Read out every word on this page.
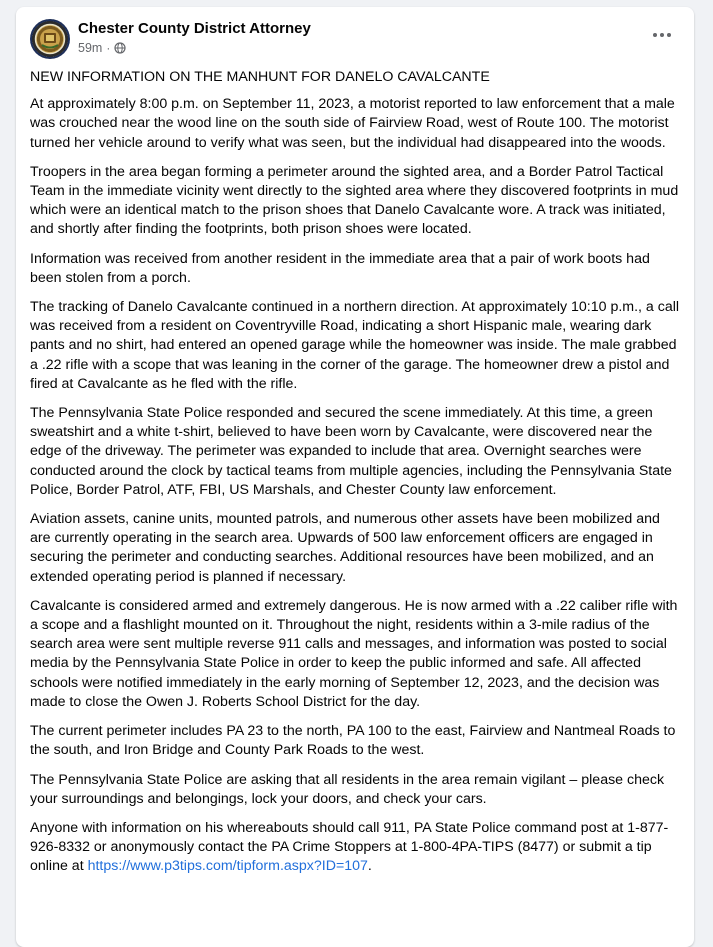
Chester County District Attorney
59m ·

NEW INFORMATION ON THE MANHUNT FOR DANELO CAVALCANTE

At approximately 8:00 p.m. on September 11, 2023, a motorist reported to law enforcement that a male was crouched near the wood line on the south side of Fairview Road, west of Route 100. The motorist turned her vehicle around to verify what was seen, but the individual had disappeared into the woods.

Troopers in the area began forming a perimeter around the sighted area, and a Border Patrol Tactical Team in the immediate vicinity went directly to the sighted area where they discovered footprints in mud which were an identical match to the prison shoes that Danelo Cavalcante wore. A track was initiated, and shortly after finding the footprints, both prison shoes were located.

Information was received from another resident in the immediate area that a pair of work boots had been stolen from a porch.

The tracking of Danelo Cavalcante continued in a northern direction. At approximately 10:10 p.m., a call was received from a resident on Coventryville Road, indicating a short Hispanic male, wearing dark pants and no shirt, had entered an opened garage while the homeowner was inside. The male grabbed a .22 rifle with a scope that was leaning in the corner of the garage. The homeowner drew a pistol and fired at Cavalcante as he fled with the rifle.

The Pennsylvania State Police responded and secured the scene immediately. At this time, a green sweatshirt and a white t-shirt, believed to have been worn by Cavalcante, were discovered near the edge of the driveway. The perimeter was expanded to include that area. Overnight searches were conducted around the clock by tactical teams from multiple agencies, including the Pennsylvania State Police, Border Patrol, ATF, FBI, US Marshals, and Chester County law enforcement.

Aviation assets, canine units, mounted patrols, and numerous other assets have been mobilized and are currently operating in the search area. Upwards of 500 law enforcement officers are engaged in securing the perimeter and conducting searches. Additional resources have been mobilized, and an extended operating period is planned if necessary.

Cavalcante is considered armed and extremely dangerous. He is now armed with a .22 caliber rifle with a scope and a flashlight mounted on it. Throughout the night, residents within a 3-mile radius of the search area were sent multiple reverse 911 calls and messages, and information was posted to social media by the Pennsylvania State Police in order to keep the public informed and safe. All affected schools were notified immediately in the early morning of September 12, 2023, and the decision was made to close the Owen J. Roberts School District for the day.

The current perimeter includes PA 23 to the north, PA 100 to the east, Fairview and Nantmeal Roads to the south, and Iron Bridge and County Park Roads to the west.

The Pennsylvania State Police are asking that all residents in the area remain vigilant – please check your surroundings and belongings, lock your doors, and check your cars.

Anyone with information on his whereabouts should call 911, PA State Police command post at 1-877-926-8332 or anonymously contact the PA Crime Stoppers at 1-800-4PA-TIPS (8477) or submit a tip online at https://www.p3tips.com/tipform.aspx?ID=107.
